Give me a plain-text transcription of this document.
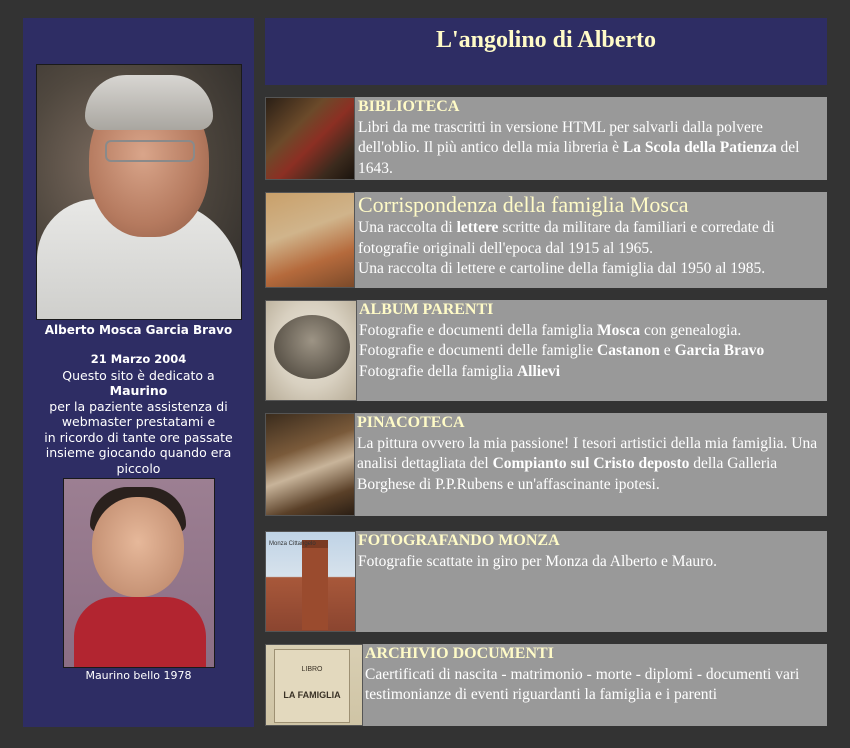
Alberto Mosca Garcia Bravo
21 Marzo 2004
Questo sito è dedicato a
Maurino
per la paziente assistenza di webmaster prestatami e
in ricordo di tante ore passate insieme giocando quando era piccolo
Maurino bello 1978
L'angolino di Alberto
BIBLIOTECA
Libri da me trascritti in versione HTML per salvarli dalla polvere dell'oblio. Il più antico della mia libreria è La Scola della Patienza del 1643.
Corrispondenza della famiglia Mosca
Una raccolta di lettere scritte da militare da familiari e corredate di fotografie originali dell'epoca dal 1915 al 1965.
Una raccolta di lettere e cartoline della famiglia dal 1950 al 1985.
ALBUM PARENTI
Fotografie e documenti della famiglia Mosca con genealogia.
Fotografie e documenti delle famiglie Castanon e Garcia Bravo
Fotografie della famiglia Allievi
PINACOTECA
La pittura ovvero la mia passione! I tesori artistici della mia famiglia. Una analisi dettagliata del Compianto sul Cristo deposto della Galleria Borghese di P.P.Rubens e un'affascinante ipotesi.
Monza Cittangelo	FOTOGRAFANDO MONZA
Fotografie scattate in giro per Monza da Alberto e Mauro.
LIBRO
LA FAMIGLIA
ARCHIVIO DOCUMENTI
Caertificati di nascita - matrimonio - morte - diplomi - documenti vari testimonianze di eventi riguardanti la famiglia e i parenti
